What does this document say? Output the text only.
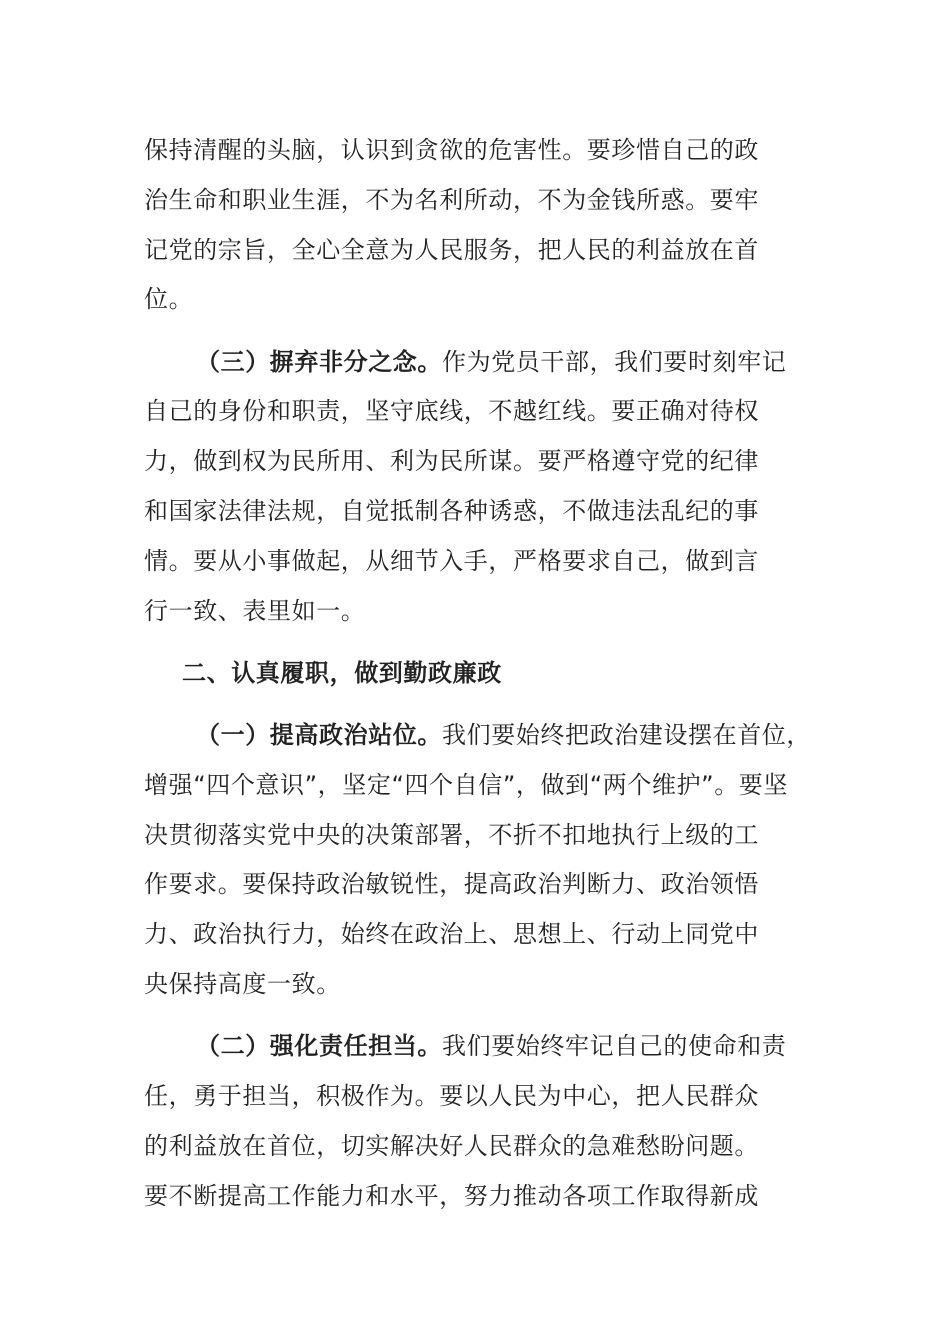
保持清醒的头脑，认识到贪欲的危害性。要珍惜自己的政
治生命和职业生涯，不为名利所动，不为金钱所惑。要牢
记党的宗旨，全心全意为人民服务，把人民的利益放在首
位。
（三）摒弃非分之念。作为党员干部，我们要时刻牢记
自己的身份和职责，坚守底线，不越红线。要正确对待权
力，做到权为民所用、利为民所谋。要严格遵守党的纪律
和国家法律法规，自觉抵制各种诱惑，不做违法乱纪的事
情。要从小事做起，从细节入手，严格要求自己，做到言
行一致、表里如一。
二、认真履职，做到勤政廉政
（一）提高政治站位。我们要始终把政治建设摆在首位，
增强“四个意识”，坚定“四个自信”，做到“两个维护”。要坚
决贯彻落实党中央的决策部署，不折不扣地执行上级的工
作要求。要保持政治敏锐性，提高政治判断力、政治领悟
力、政治执行力，始终在政治上、思想上、行动上同党中
央保持高度一致。
（二）强化责任担当。我们要始终牢记自己的使命和责
任，勇于担当，积极作为。要以人民为中心，把人民群众
的利益放在首位，切实解决好人民群众的急难愁盼问题。
要不断提高工作能力和水平，努力推动各项工作取得新成
